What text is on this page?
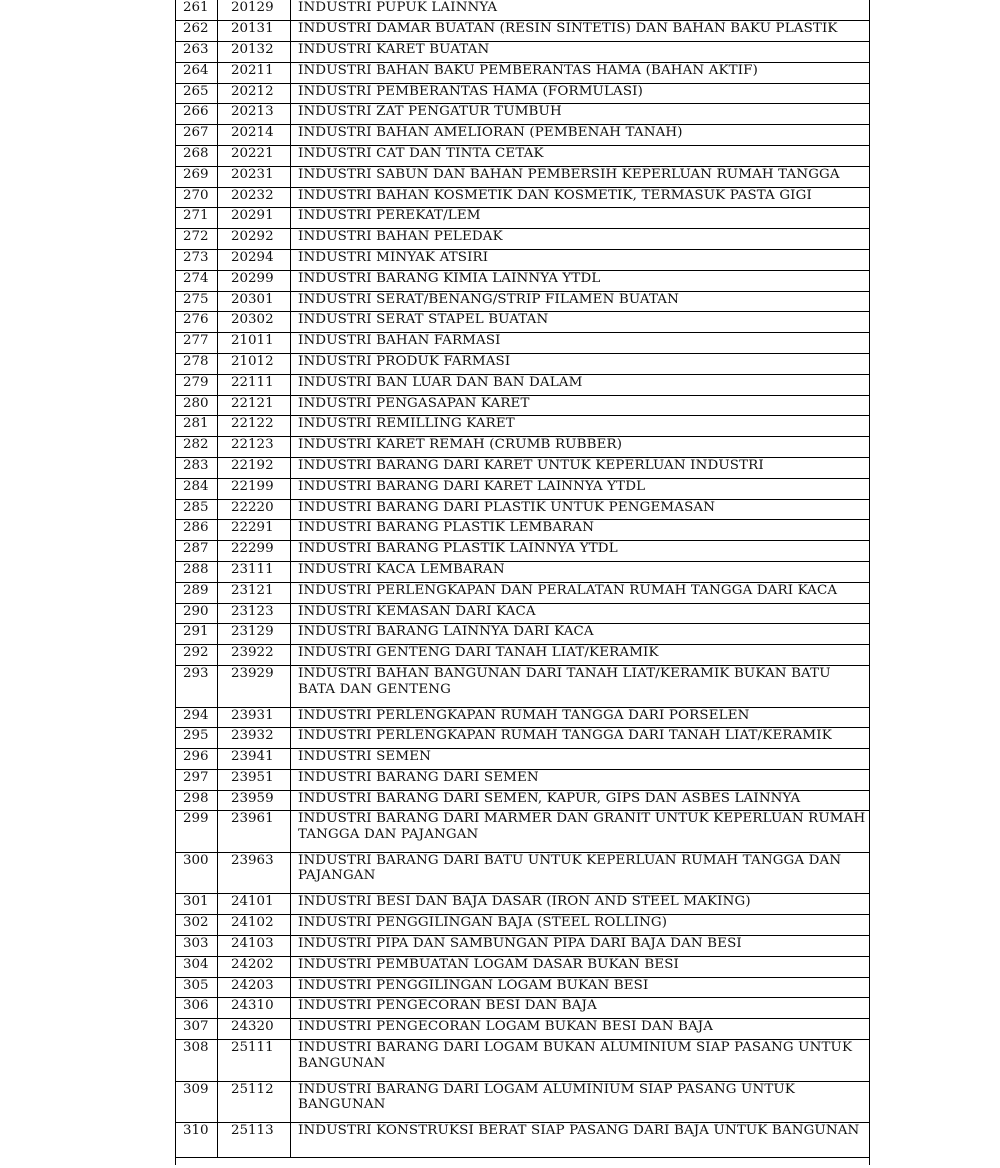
261	20129	INDUSTRI PUPUK LAINNYA
262	20131	INDUSTRI DAMAR BUATAN (RESIN SINTETIS) DAN BAHAN BAKU PLASTIK
263	20132	INDUSTRI KARET BUATAN
264	20211	INDUSTRI BAHAN BAKU PEMBERANTAS HAMA (BAHAN AKTIF)
265	20212	INDUSTRI PEMBERANTAS HAMA (FORMULASI)
266	20213	INDUSTRI ZAT PENGATUR TUMBUH
267	20214	INDUSTRI BAHAN AMELIORAN (PEMBENAH TANAH)
268	20221	INDUSTRI CAT DAN TINTA CETAK
269	20231	INDUSTRI SABUN DAN BAHAN PEMBERSIH KEPERLUAN RUMAH TANGGA
270	20232	INDUSTRI BAHAN KOSMETIK DAN KOSMETIK, TERMASUK PASTA GIGI
271	20291	INDUSTRI PEREKAT/LEM
272	20292	INDUSTRI BAHAN PELEDAK
273	20294	INDUSTRI MINYAK ATSIRI
274	20299	INDUSTRI BARANG KIMIA LAINNYA YTDL
275	20301	INDUSTRI SERAT/BENANG/STRIP FILAMEN BUATAN
276	20302	INDUSTRI SERAT STAPEL BUATAN
277	21011	INDUSTRI BAHAN FARMASI
278	21012	INDUSTRI PRODUK FARMASI
279	22111	INDUSTRI BAN LUAR DAN BAN DALAM
280	22121	INDUSTRI PENGASAPAN KARET
281	22122	INDUSTRI REMILLING KARET
282	22123	INDUSTRI KARET REMAH (CRUMB RUBBER)
283	22192	INDUSTRI BARANG DARI KARET UNTUK KEPERLUAN INDUSTRI
284	22199	INDUSTRI BARANG DARI KARET LAINNYA YTDL
285	22220	INDUSTRI BARANG DARI PLASTIK UNTUK PENGEMASAN
286	22291	INDUSTRI BARANG PLASTIK LEMBARAN
287	22299	INDUSTRI BARANG PLASTIK LAINNYA YTDL
288	23111	INDUSTRI KACA LEMBARAN
289	23121	INDUSTRI PERLENGKAPAN DAN PERALATAN RUMAH TANGGA DARI KACA
290	23123	INDUSTRI KEMASAN DARI KACA
291	23129	INDUSTRI BARANG LAINNYA DARI KACA
292	23922	INDUSTRI GENTENG DARI TANAH LIAT/KERAMIK
293	23929	INDUSTRI BAHAN BANGUNAN DARI TANAH LIAT/KERAMIK BUKAN BATU BATA DAN GENTENG
294	23931	INDUSTRI PERLENGKAPAN RUMAH TANGGA DARI PORSELEN
295	23932	INDUSTRI PERLENGKAPAN RUMAH TANGGA DARI TANAH LIAT/KERAMIK
296	23941	INDUSTRI SEMEN
297	23951	INDUSTRI BARANG DARI SEMEN
298	23959	INDUSTRI BARANG DARI SEMEN, KAPUR, GIPS DAN ASBES LAINNYA
299	23961	INDUSTRI BARANG DARI MARMER DAN GRANIT UNTUK KEPERLUAN RUMAH TANGGA DAN PAJANGAN
300	23963	INDUSTRI BARANG DARI BATU UNTUK KEPERLUAN RUMAH TANGGA DAN PAJANGAN
301	24101	INDUSTRI BESI DAN BAJA DASAR (IRON AND STEEL MAKING)
302	24102	INDUSTRI PENGGILINGAN BAJA (STEEL ROLLING)
303	24103	INDUSTRI PIPA DAN SAMBUNGAN PIPA DARI BAJA DAN BESI
304	24202	INDUSTRI PEMBUATAN LOGAM DASAR BUKAN BESI
305	24203	INDUSTRI PENGGILINGAN LOGAM BUKAN BESI
306	24310	INDUSTRI PENGECORAN BESI DAN BAJA
307	24320	INDUSTRI PENGECORAN LOGAM BUKAN BESI DAN BAJA
308	25111	INDUSTRI BARANG DARI LOGAM BUKAN ALUMINIUM SIAP PASANG UNTUK BANGUNAN
309	25112	INDUSTRI BARANG DARI LOGAM ALUMINIUM SIAP PASANG UNTUK BANGUNAN
310	25113	INDUSTRI KONSTRUKSI BERAT SIAP PASANG DARI BAJA UNTUK BANGUNAN
